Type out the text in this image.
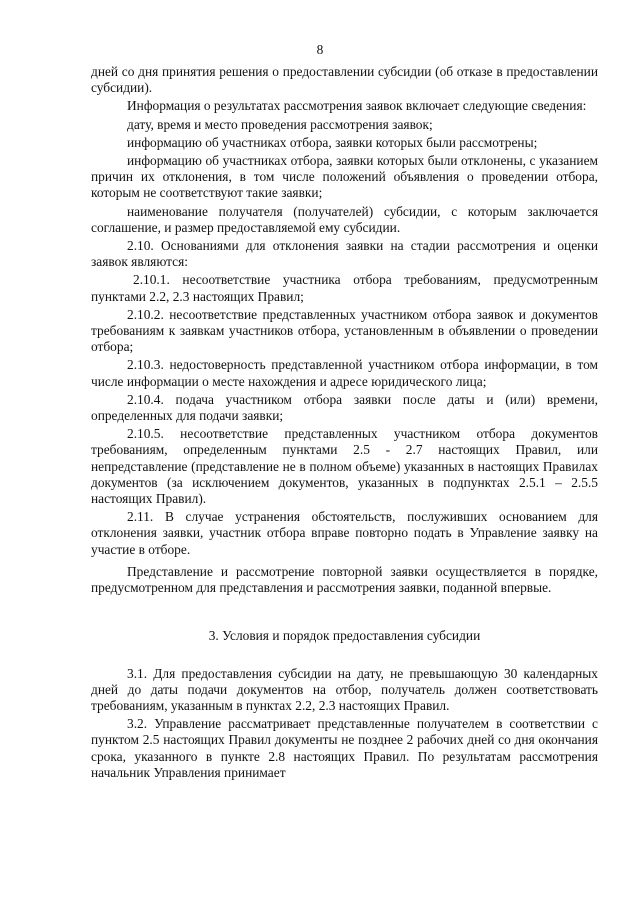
8

дней со дня принятия решения о предоставлении субсидии (об отказе в предоставлении субсидии).

Информация о результатах рассмотрения заявок включает следующие сведения:

дату, время и место проведения рассмотрения заявок;

информацию об участниках отбора, заявки которых были рассмотрены;

информацию об участниках отбора, заявки которых были отклонены, с указанием причин их отклонения, в том числе положений объявления о проведении отбора, которым не соответствуют такие заявки;

наименование получателя (получателей) субсидии, с которым заключается соглашение, и размер предоставляемой ему субсидии.

2.10. Основаниями для отклонения заявки на стадии рассмотрения и оценки заявок являются:

2.10.1. несоответствие участника отбора требованиям, предусмотренным пунктами 2.2, 2.3 настоящих Правил;

2.10.2. несоответствие представленных участником отбора заявок и документов требованиям к заявкам участников отбора, установленным в объявлении о проведении отбора;

2.10.3. недостоверность представленной участником отбора информации, в том числе информации о месте нахождения и адресе юридического лица;

2.10.4. подача участником отбора заявки после даты и (или) времени, определенных для подачи заявки;

2.10.5. несоответствие представленных участником отбора документов требованиям, определенным пунктами 2.5 - 2.7 настоящих Правил, или непредставление (представление не в полном объеме) указанных в настоящих Правилах документов (за исключением документов, указанных в подпунктах 2.5.1 – 2.5.5 настоящих Правил).

2.11. В случае устранения обстоятельств, послуживших основанием для отклонения заявки, участник отбора вправе повторно подать в Управление заявку на участие в отборе.

Представление и рассмотрение повторной заявки осуществляется в порядке, предусмотренном для представления и рассмотрения заявки, поданной впервые.

3. Условия и порядок предоставления субсидии

3.1. Для предоставления субсидии на дату, не превышающую 30 календарных дней до даты подачи документов на отбор, получатель должен соответствовать требованиям, указанным в пунктах 2.2, 2.3 настоящих Правил.

3.2. Управление рассматривает представленные получателем в соответствии с пунктом 2.5 настоящих Правил документы не позднее 2 рабочих дней со дня окончания срока, указанного в пункте 2.8 настоящих Правил. По результатам рассмотрения начальник Управления принимает
